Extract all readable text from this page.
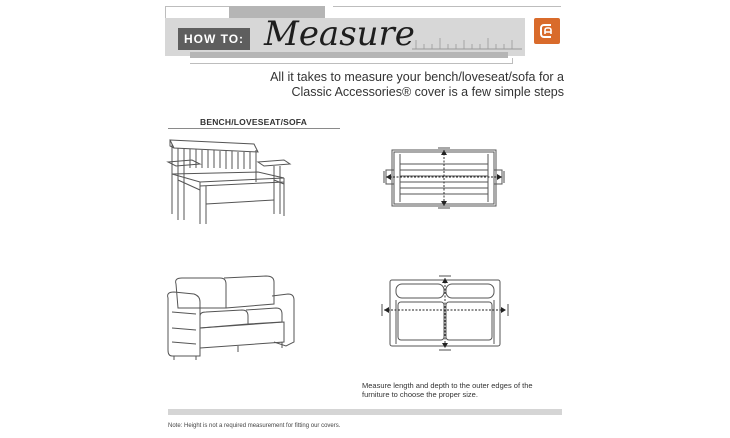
HOW TO: Measure
All it takes to measure your bench/loveseat/sofa for a
Classic Accessories® cover is a few simple steps
BENCH/LOVESEAT/SOFA
Measure length and depth to the outer edges of the
furniture to choose the proper size.
Note: Height is not a required measurement for fitting our covers.
